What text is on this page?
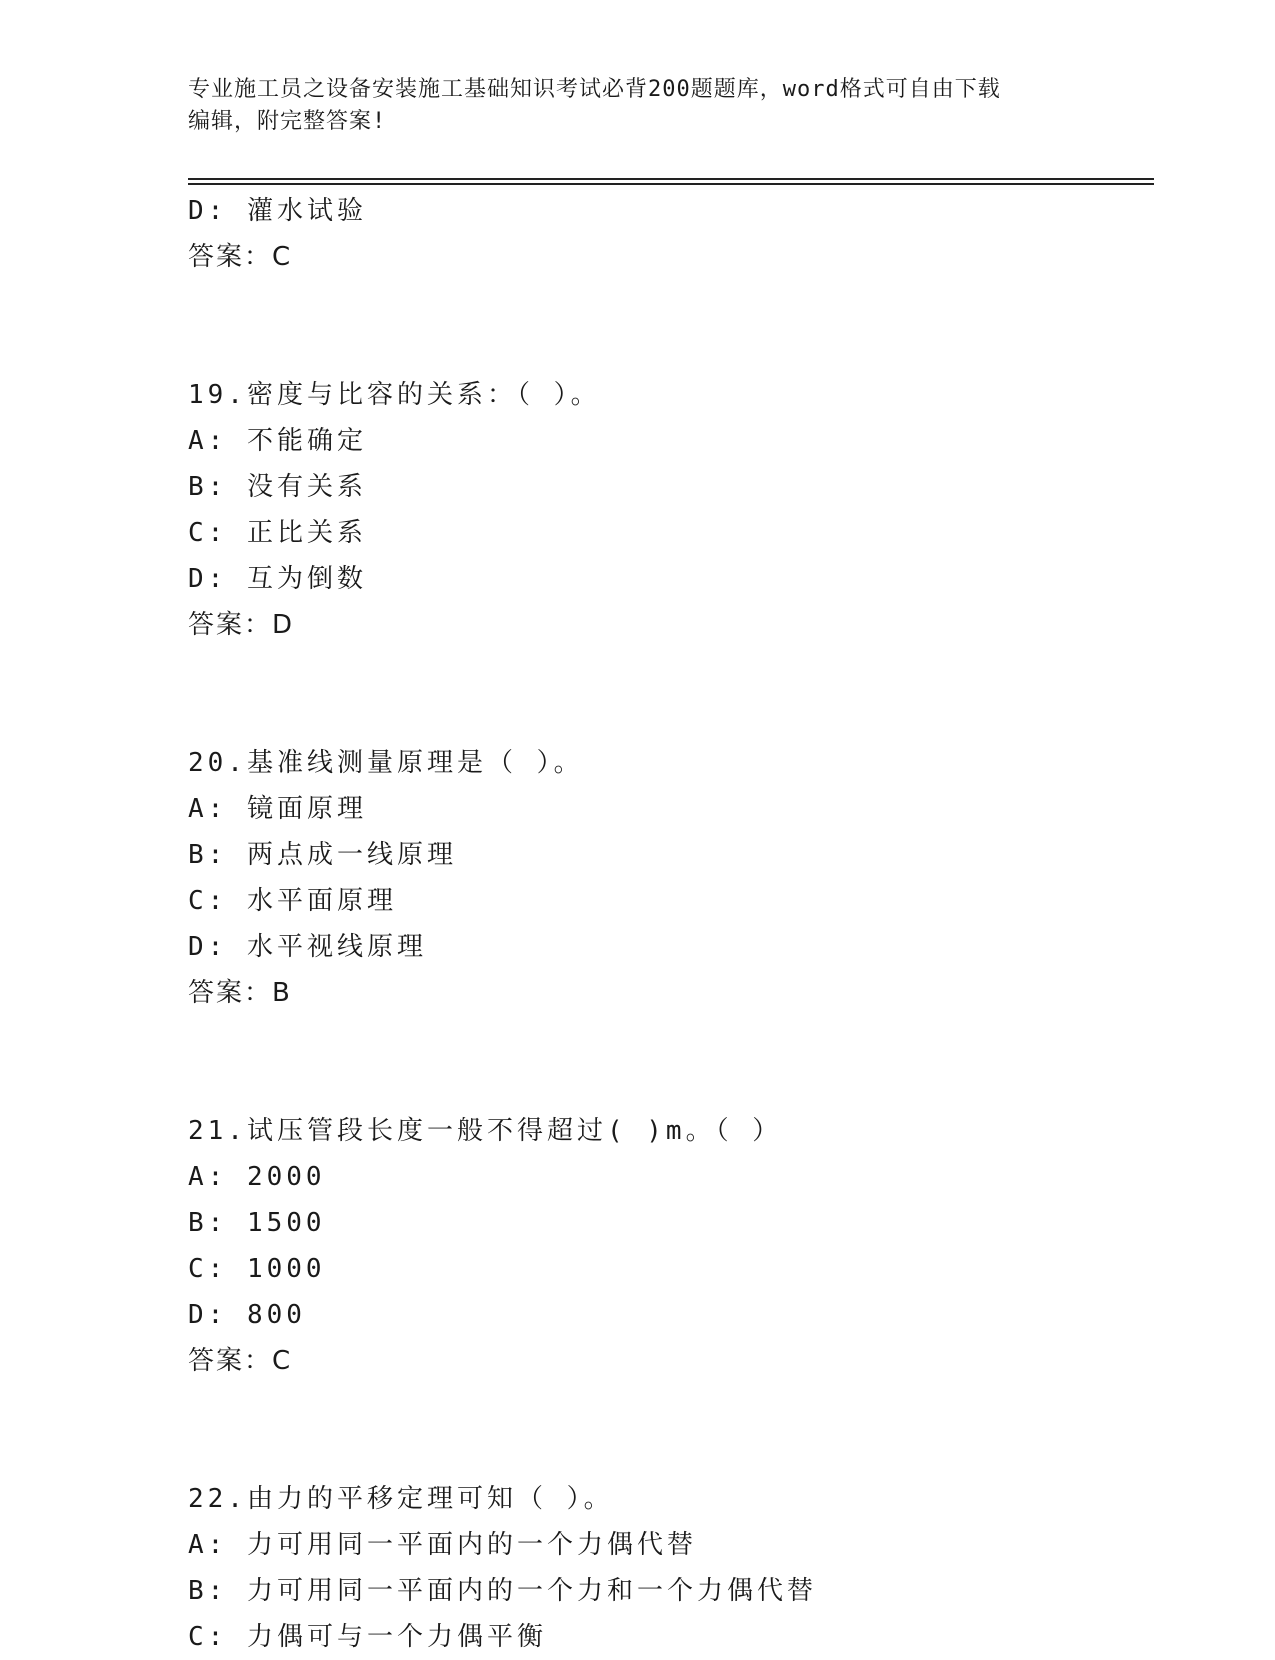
专业施工员之设备安装施工基础知识考试必背200题题库，word格式可自由下载
编辑，附完整答案!
D: 灌水试验
答案：C
19.密度与比容的关系：（ ）。
A: 不能确定
B: 没有关系
C: 正比关系
D: 互为倒数
答案：D
20.基准线测量原理是（ ）。
A: 镜面原理
B: 两点成一线原理
C: 水平面原理
D: 水平视线原理
答案：B
21.试压管段长度一般不得超过( )m。（ ）
A: 2000
B: 1500
C: 1000
D: 800
答案：C
22.由力的平移定理可知（ ）。
A: 力可用同一平面内的一个力偶代替
B: 力可用同一平面内的一个力和一个力偶代替
C: 力偶可与一个力偶平衡
